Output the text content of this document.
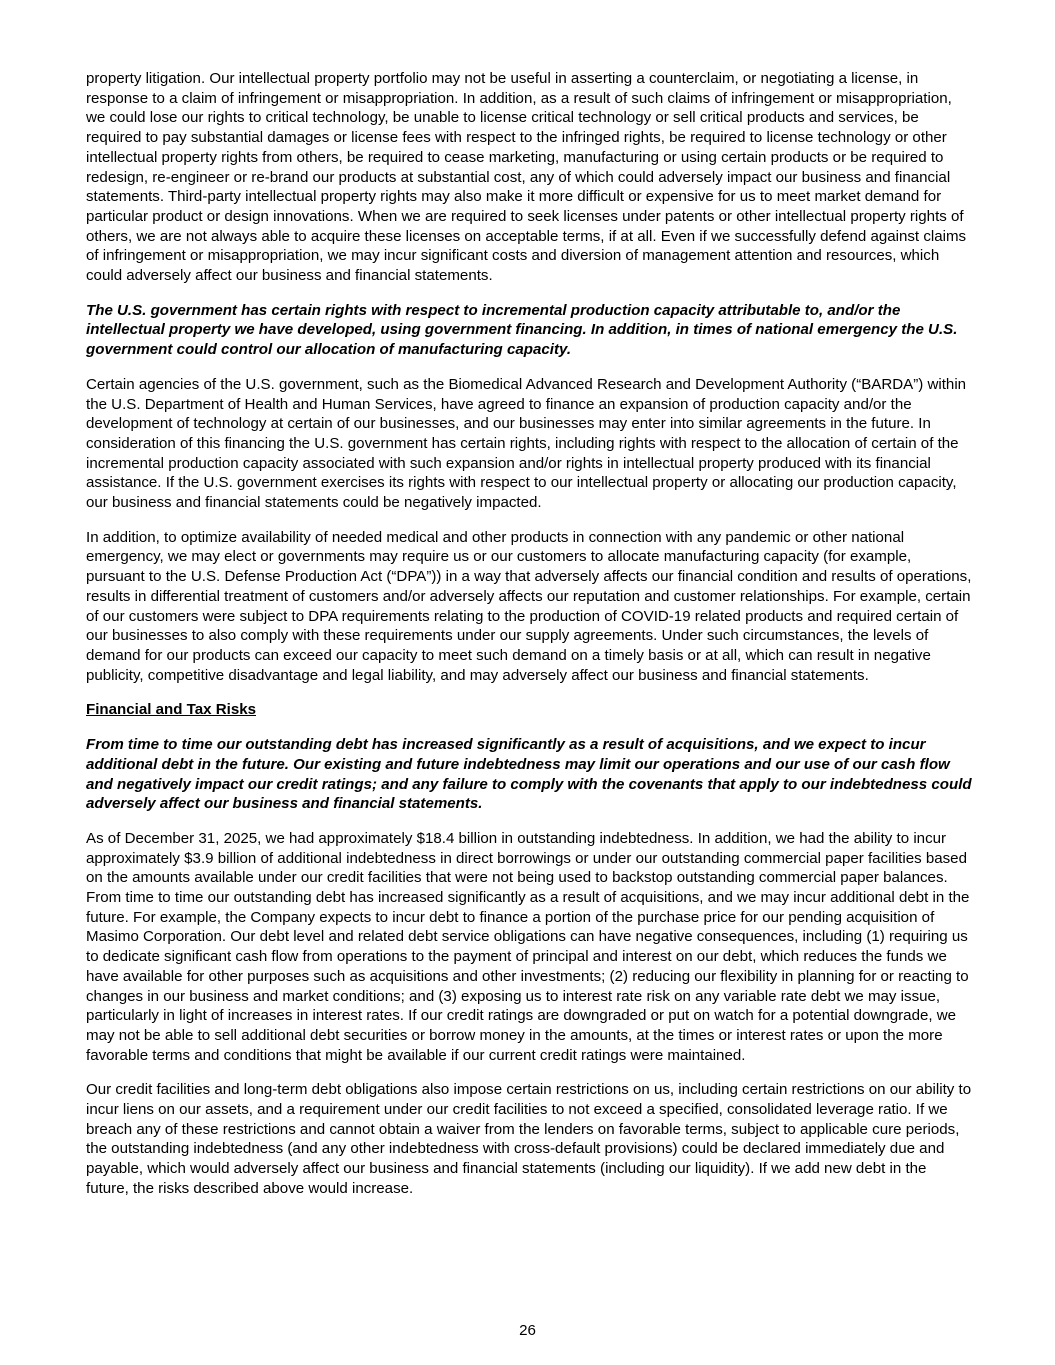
property litigation. Our intellectual property portfolio may not be useful in asserting a counterclaim, or negotiating a license, in response to a claim of infringement or misappropriation. In addition, as a result of such claims of infringement or misappropriation, we could lose our rights to critical technology, be unable to license critical technology or sell critical products and services, be required to pay substantial damages or license fees with respect to the infringed rights, be required to license technology or other intellectual property rights from others, be required to cease marketing, manufacturing or using certain products or be required to redesign, re-engineer or re-brand our products at substantial cost, any of which could adversely impact our business and financial statements. Third-party intellectual property rights may also make it more difficult or expensive for us to meet market demand for particular product or design innovations. When we are required to seek licenses under patents or other intellectual property rights of others, we are not always able to acquire these licenses on acceptable terms, if at all. Even if we successfully defend against claims of infringement or misappropriation, we may incur significant costs and diversion of management attention and resources, which could adversely affect our business and financial statements.

The U.S. government has certain rights with respect to incremental production capacity attributable to, and/or the intellectual property we have developed, using government financing. In addition, in times of national emergency the U.S. government could control our allocation of manufacturing capacity.

Certain agencies of the U.S. government, such as the Biomedical Advanced Research and Development Authority (“BARDA”) within the U.S. Department of Health and Human Services, have agreed to finance an expansion of production capacity and/or the development of technology at certain of our businesses, and our businesses may enter into similar agreements in the future. In consideration of this financing the U.S. government has certain rights, including rights with respect to the allocation of certain of the incremental production capacity associated with such expansion and/or rights in intellectual property produced with its financial assistance. If the U.S. government exercises its rights with respect to our intellectual property or allocating our production capacity, our business and financial statements could be negatively impacted.

In addition, to optimize availability of needed medical and other products in connection with any pandemic or other national emergency, we may elect or governments may require us or our customers to allocate manufacturing capacity (for example, pursuant to the U.S. Defense Production Act (“DPA”)) in a way that adversely affects our financial condition and results of operations, results in differential treatment of customers and/or adversely affects our reputation and customer relationships. For example, certain of our customers were subject to DPA requirements relating to the production of COVID-19 related products and required certain of our businesses to also comply with these requirements under our supply agreements. Under such circumstances, the levels of demand for our products can exceed our capacity to meet such demand on a timely basis or at all, which can result in negative publicity, competitive disadvantage and legal liability, and may adversely affect our business and financial statements.

Financial and Tax Risks

From time to time our outstanding debt has increased significantly as a result of acquisitions, and we expect to incur additional debt in the future. Our existing and future indebtedness may limit our operations and our use of our cash flow and negatively impact our credit ratings; and any failure to comply with the covenants that apply to our indebtedness could adversely affect our business and financial statements.

As of December 31, 2025, we had approximately $18.4 billion in outstanding indebtedness. In addition, we had the ability to incur approximately $3.9 billion of additional indebtedness in direct borrowings or under our outstanding commercial paper facilities based on the amounts available under our credit facilities that were not being used to backstop outstanding commercial paper balances. From time to time our outstanding debt has increased significantly as a result of acquisitions, and we may incur additional debt in the future. For example, the Company expects to incur debt to finance a portion of the purchase price for our pending acquisition of Masimo Corporation. Our debt level and related debt service obligations can have negative consequences, including (1) requiring us to dedicate significant cash flow from operations to the payment of principal and interest on our debt, which reduces the funds we have available for other purposes such as acquisitions and other investments; (2) reducing our flexibility in planning for or reacting to changes in our business and market conditions; and (3) exposing us to interest rate risk on any variable rate debt we may issue, particularly in light of increases in interest rates. If our credit ratings are downgraded or put on watch for a potential downgrade, we may not be able to sell additional debt securities or borrow money in the amounts, at the times or interest rates or upon the more favorable terms and conditions that might be available if our current credit ratings were maintained.

Our credit facilities and long-term debt obligations also impose certain restrictions on us, including certain restrictions on our ability to incur liens on our assets, and a requirement under our credit facilities to not exceed a specified, consolidated leverage ratio. If we breach any of these restrictions and cannot obtain a waiver from the lenders on favorable terms, subject to applicable cure periods, the outstanding indebtedness (and any other indebtedness with cross-default provisions) could be declared immediately due and payable, which would adversely affect our business and financial statements (including our liquidity). If we add new debt in the future, the risks described above would increase.

26
